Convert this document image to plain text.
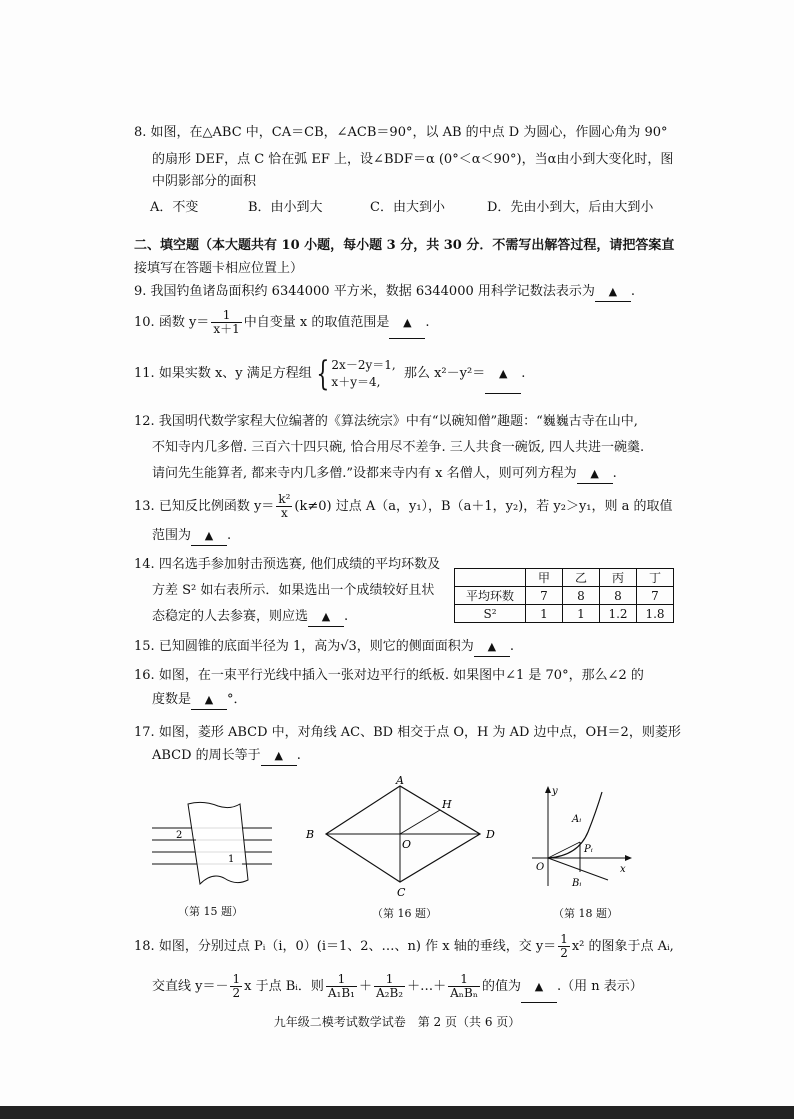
8. 如图，在△ABC 中，CA＝CB，∠ACB＝90°，以 AB 的中点 D 为圆心，作圆心角为 90°
的扇形 DEF，点 C 恰在弧 EF 上，设∠BDF＝α (0°＜α＜90°)，当α由小到大变化时，图
中阴影部分的面积
A．不变	B．由小到大	C．由大到小	D．先由小到大，后由大到小
二、填空题（本大题共有 10 小题，每小题 3 分，共 30 分．不需写出解答过程，请把答案直
接填写在答题卡相应位置上）
9. 我国钓鱼诸岛面积约 6344000 平方米，数据 6344000 用科学记数法表示为 ▲ .
10. 函数 $y= \frac{1}{x+1}$ 中自变量 x 的取值范围是 ▲ .
11. 如果实数 x、y 满足方程组 { 2x－2y＝1,
x＋y＝4,
那么 x²－y²＝ ▲ .
12. 我国明代数学家程大位编著的《算法统宗》中有“以碗知僧”趣题：“巍巍古寺在山中,
不知寺内几多僧. 三百六十四只碗, 恰合用尽不差争. 三人共食一碗饭, 四人共进一碗羹.
请问先生能算者, 都来寺内几多僧.”设都来寺内有 x 名僧人，则可列方程为 ▲ .
13. 已知反比例函数 $y= \frac{\text{k²}}{x} (k\ne 0)$ 过点 A（a，y₁），B（a＋1，y₂)，若 y₂＞y₁，则 a 的取值
范围为 ▲ .
14. 四名选手参加射击预选赛, 他们成绩的平均环数及
方差 S² 如右表所示．如果选出一个成绩较好且状
态稳定的人去参赛，则应选 ▲ .
	甲	乙	丙	丁
平均环数	7	8	8	7
S²	1	1	1.2	1.8
15. 已知圆锥的底面半径为 1，高为√3，则它的侧面面积为 ▲ .
16. 如图，在一束平行光线中插入一张对边平行的纸板. 如果图中∠1 是 70°，那么∠2 的
度数是 ▲ °．
17. 如图，菱形 ABCD 中，对角线 AC、BD 相交于点 O，H 为 AD 边中点，OH＝2，则菱形
ABCD 的周长等于 ▲ .
2
1
（第 15 题）
A
B
C
D
O
H
（第 16 题）
y
x
O
Aᵢ
Pᵢ
Bᵢ
（第 18 题）
18. 如图，分别过点 Pᵢ（i，0）(i＝1、2、…、n) 作 x 轴的垂线，交 $y= \frac{1}{2} x^2$ 的图象于点 Aᵢ,
交直线 $y=- \frac{1}{2}$ x 于点 Bᵢ．则 $\frac{1}{\text{A₁B₁}} + \frac{1}{\text{A₂B₂}}$ ＋…＋ $\frac{1}{\text{AₙBₙ}}$ 的值为 ▲ .（用 n 表示）
九年级二模考试数学试卷　第 2 页（共 6 页）
